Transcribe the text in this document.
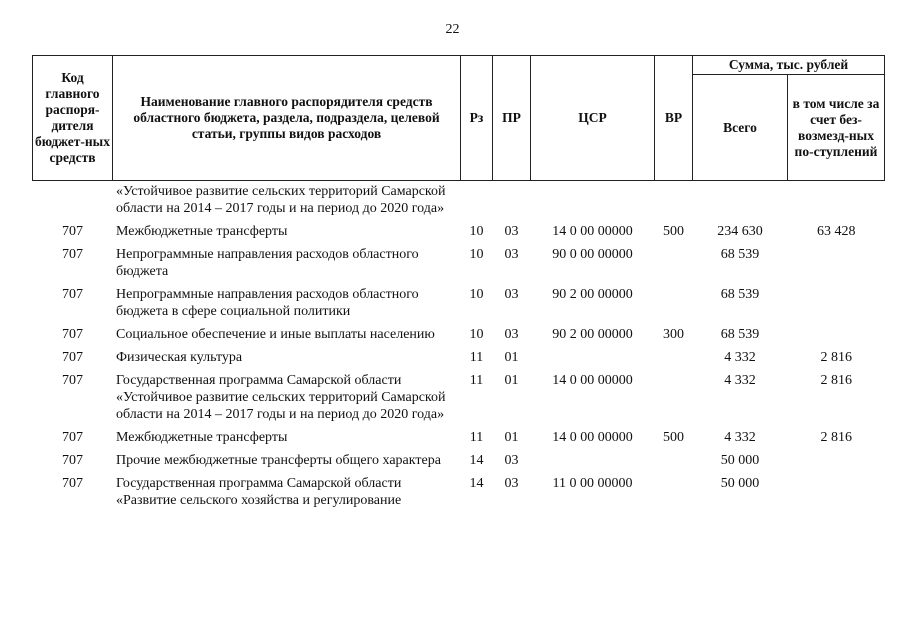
22
Код главного распоря-дителя бюджет-ных средств	Наименование главного распорядителя средств областного бюджета, раздела, подраздела, целевой статьи, группы видов расходов	Рз	ПР	ЦСР	ВР	Сумма, тыс. рублей	
						Всего	в том числе за счет без-возмезд-ных по-ступлений
	«Устойчивое развитие сельских территорий Самарской области на 2014 – 2017 годы и на период до 2020 года»						
707	Межбюджетные трансферты	10	03	14 0 00 00000	500	234 630	63 428
707	Непрограммные направления расходов областного бюджета	10	03	90 0 00 00000		68 539	
707	Непрограммные направления расходов областного бюджета в сфере социальной политики	10	03	90 2 00 00000		68 539	
707	Социальное обеспечение и иные выплаты населению	10	03	90 2 00 00000	300	68 539	
707	Физическая культура	11	01			4 332	2 816
707	Государственная программа Самарской области «Устойчивое развитие сельских территорий Самарской области на 2014 – 2017 годы и на период до 2020 года»	11	01	14 0 00 00000		4 332	2 816
707	Межбюджетные трансферты	11	01	14 0 00 00000	500	4 332	2 816
707	Прочие межбюджетные трансферты общего характера	14	03			50 000	
707	Государственная программа Самарской области «Развитие сельского хозяйства и регулирование	14	03	11 0 00 00000		50 000	
